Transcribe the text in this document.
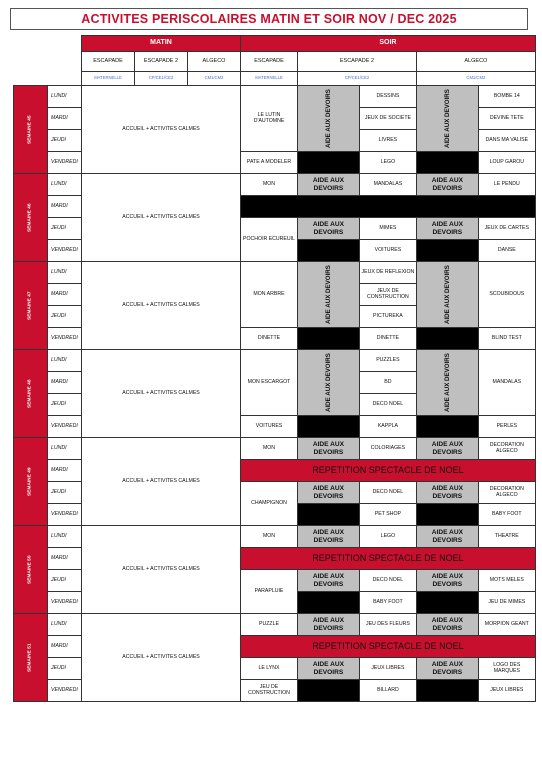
ACTIVITES PERISCOLAIRES MATIN ET SOIR NOV / DEC 2025
		MATIN			SOIR				
		ESCAPADE	ESCAPADE 2	ALGECO	ESCAPADE	ESCAPADE 2		ALGECO	
		MATERNELLE	CP/CE1/CE2	CM1/CM2	MATERNELLE	CP/CE1/CE2		CM1/CM2	
SEMAINE 45	LUNDI	ACCUEIL + ACTIVITES CALMES			LE LUTIN D'AUTOMNE	AIDE AUX DEVOIRS	DESSINS	AIDE AUX DEVOIRS	BOMBE 14
	MARDI						JEUX DE SOCIETE		DEVINE TETE
	JEUDI						LIVRES		DANS MA VALISE
	VENDREDI				PATE A MODELER		LEGO		LOUP GAROU
SEMAINE 46	LUNDI	ACCUEIL + ACTIVITES CALMES			MON	AIDE AUX DEVOIRS	MANDALAS	AIDE AUX DEVOIRS	LE PENDU
	MARDI								
	JEUDI				POCHOIR ECUREUIL	AIDE AUX DEVOIRS	MIMES	AIDE AUX DEVOIRS	JEUX DE CARTES
	VENDREDI						VOITURES		DANSE
SEMAINE 47	LUNDI	ACCUEIL + ACTIVITES CALMES			MON ARBRE	AIDE AUX DEVOIRS	JEUX DE REFLEXION	AIDE AUX DEVOIRS	SCOUBIDOUS
	MARDI						JEUX DE CONSTRUCTION		
	JEUDI						PICTUREKA		
	VENDREDI				DINETTE		DINETTE		BLIND TEST
SEMAINE 48	LUNDI	ACCUEIL + ACTIVITES CALMES			MON ESCARGOT	AIDE AUX DEVOIRS	PUZZLES	AIDE AUX DEVOIRS	MANDALAS
	MARDI						BD		
	JEUDI						DECO NOEL		
	VENDREDI				VOITURES		KAPPLA		PERLES
SEMAINE 49	LUNDI	ACCUEIL + ACTIVITES CALMES			MON	AIDE AUX DEVOIRS	COLORIAGES	AIDE AUX DEVOIRS	DECORATION ALGECO
	MARDI				REPETITION SPECTACLE DE NOEL				
	JEUDI				CHAMPIGNON	AIDE AUX DEVOIRS	DECO NOEL	AIDE AUX DEVOIRS	DECORATION ALGECO
	VENDREDI						PET SHOP		BABY FOOT
SEMAINE 50	LUNDI	ACCUEIL + ACTIVITES CALMES			MON	AIDE AUX DEVOIRS	LEGO	AIDE AUX DEVOIRS	THEATRE
	MARDI				REPETITION SPECTACLE DE NOEL				
	JEUDI				PARAPLUIE	AIDE AUX DEVOIRS	DECO NOEL	AIDE AUX DEVOIRS	MOTS MELES
	VENDREDI						BABY FOOT		JEU DE MIMES
SEMAINE 51	LUNDI	ACCUEIL + ACTIVITES CALMES			PUZZLE	AIDE AUX DEVOIRS	JEU DES FLEURS	AIDE AUX DEVOIRS	MORPION GEANT
	MARDI				REPETITION SPECTACLE DE NOEL				
	JEUDI				LE LYNX	AIDE AUX DEVOIRS	JEUX LIBRES	AIDE AUX DEVOIRS	LOGO DES MARQUES
	VENDREDI				JEU DE CONSTRUCTION		BILLARD		JEUX LIBRES
